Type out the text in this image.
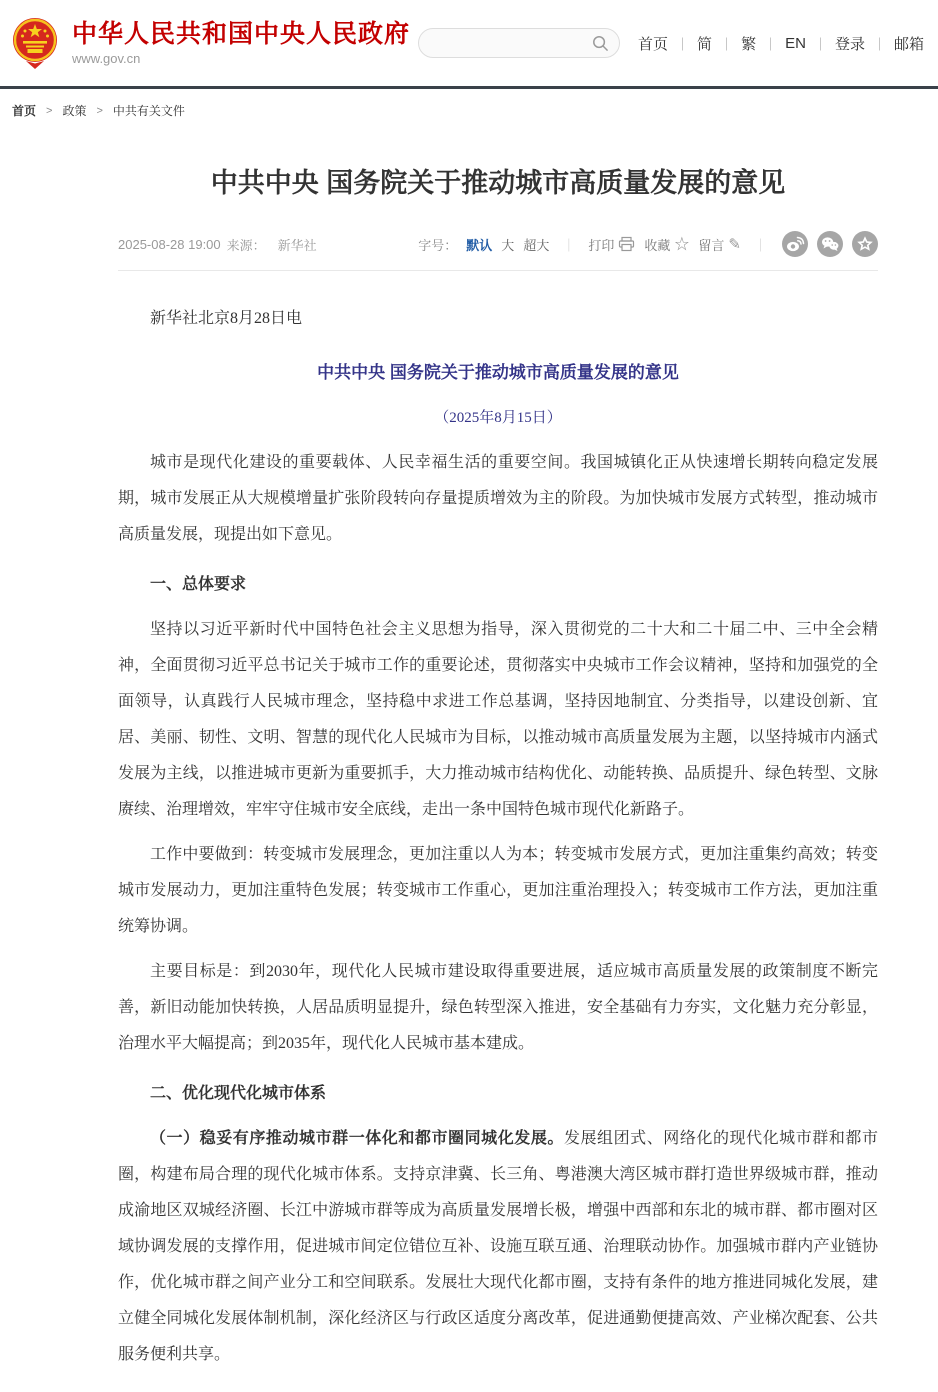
中华人民共和国中央人民政府
www.gov.cn
首页 ｜ 简 ｜ 繁 ｜ EN ｜ 登录 ｜ 邮箱
首页 > 政策 > 中共有关文件
中共中央 国务院关于推动城市高质量发展的意见
2025-08-28 19:00 来源： 新华社	字号： 默认 大 超大 ｜ 打印 收藏 ☆ 留言 ✎ ｜

新华社北京8月28日电

中共中央 国务院关于推动城市高质量发展的意见

（2025年8月15日）

城市是现代化建设的重要载体、人民幸福生活的重要空间。我国城镇化正从快速增长期转向稳定发展期，城市发展正从大规模增量扩张阶段转向存量提质增效为主的阶段。为加快城市发展方式转型，推动城市高质量发展，现提出如下意见。

一、总体要求

坚持以习近平新时代中国特色社会主义思想为指导，深入贯彻党的二十大和二十届二中、三中全会精神，全面贯彻习近平总书记关于城市工作的重要论述，贯彻落实中央城市工作会议精神，坚持和加强党的全面领导，认真践行人民城市理念，坚持稳中求进工作总基调，坚持因地制宜、分类指导，以建设创新、宜居、美丽、韧性、文明、智慧的现代化人民城市为目标，以推动城市高质量发展为主题，以坚持城市内涵式发展为主线，以推进城市更新为重要抓手，大力推动城市结构优化、动能转换、品质提升、绿色转型、文脉赓续、治理增效，牢牢守住城市安全底线，走出一条中国特色城市现代化新路子。

工作中要做到：转变城市发展理念，更加注重以人为本；转变城市发展方式，更加注重集约高效；转变城市发展动力，更加注重特色发展；转变城市工作重心，更加注重治理投入；转变城市工作方法，更加注重统筹协调。

主要目标是：到2030年，现代化人民城市建设取得重要进展，适应城市高质量发展的政策制度不断完善，新旧动能加快转换，人居品质明显提升，绿色转型深入推进，安全基础有力夯实，文化魅力充分彰显，治理水平大幅提高；到2035年，现代化人民城市基本建成。

二、优化现代化城市体系

（一）稳妥有序推动城市群一体化和都市圈同城化发展。发展组团式、网络化的现代化城市群和都市圈，构建布局合理的现代化城市体系。支持京津冀、长三角、粤港澳大湾区城市群打造世界级城市群，推动成渝地区双城经济圈、长江中游城市群等成为高质量发展增长极，增强中西部和东北的城市群、都市圈对区域协调发展的支撑作用，促进城市间定位错位互补、设施互联互通、治理联动协作。加强城市群内产业链协作，优化城市群之间产业分工和空间联系。发展壮大现代化都市圈，支持有条件的地方推进同城化发展，建立健全同城化发展体制机制，深化经济区与行政区适度分离改革，促进通勤便捷高效、产业梯次配套、公共服务便利共享。
